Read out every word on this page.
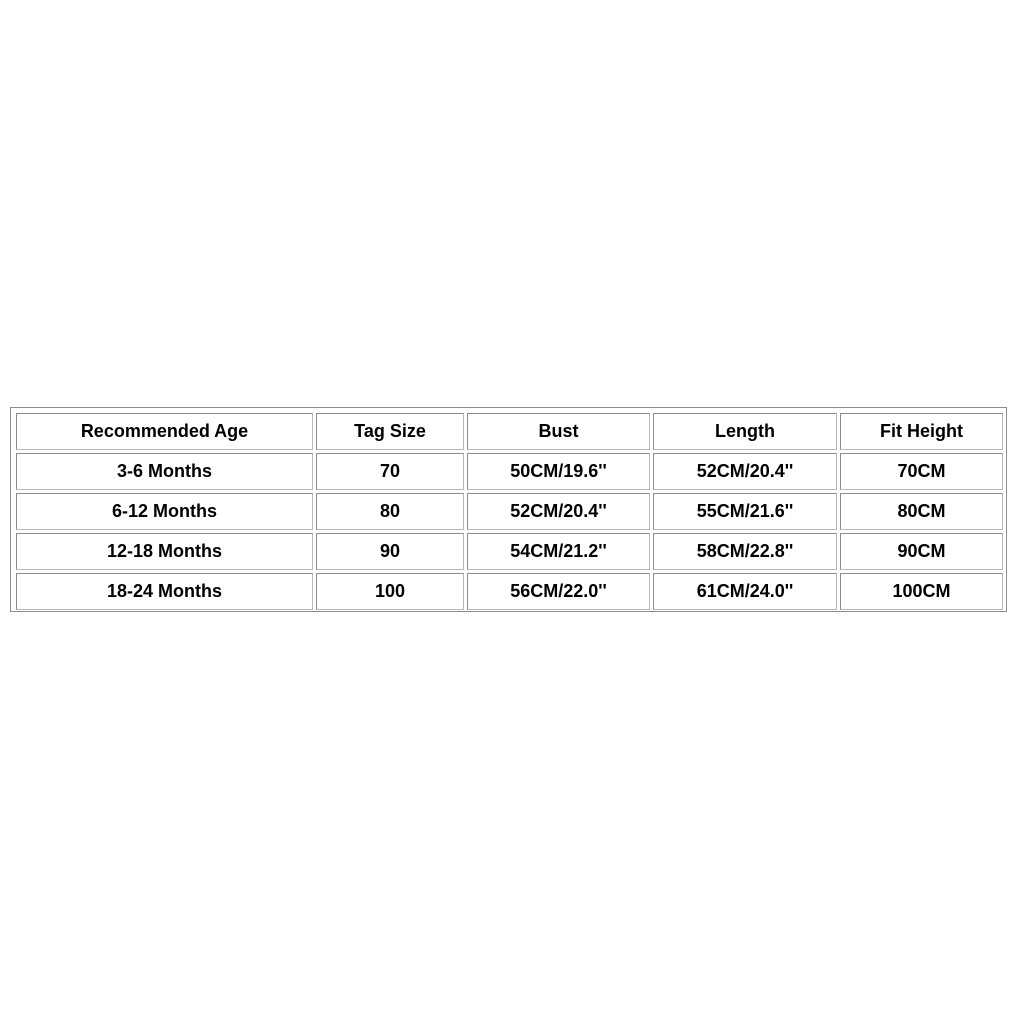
Recommended Age	Tag Size	Bust	Length	Fit Height
3-6 Months	70	50CM/19.6''	52CM/20.4''	70CM
6-12 Months	80	52CM/20.4''	55CM/21.6''	80CM
12-18 Months	90	54CM/21.2''	58CM/22.8''	90CM
18-24 Months	100	56CM/22.0''	61CM/24.0''	100CM
